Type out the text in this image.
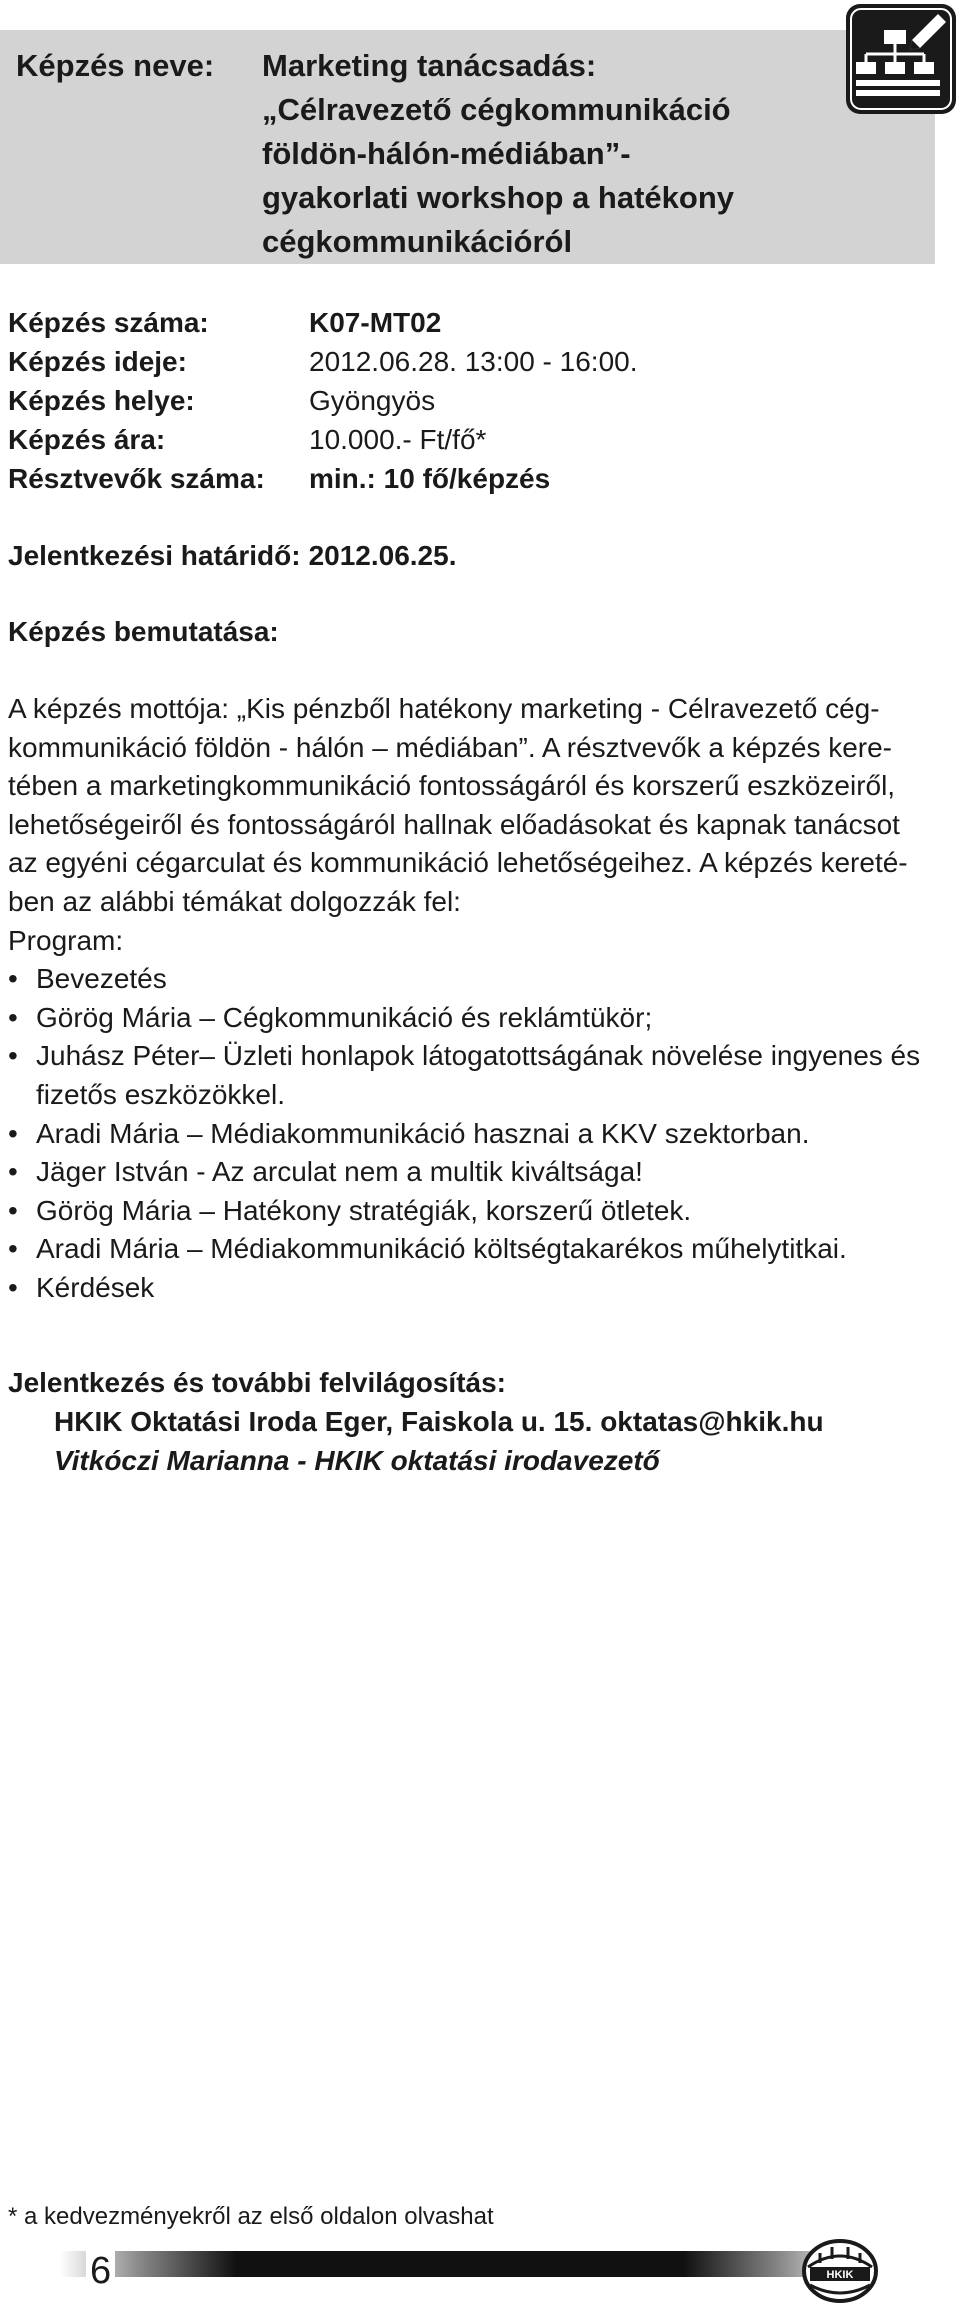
Képzés neve: Marketing tanácsadás:
„Célravezető cégkommunikáció
földön-hálón-médiában”-
gyakorlati workshop a hatékony
cégkommunikációról
Képzés száma:	K07-MT02
Képzés ideje:	2012.06.28. 13:00 - 16:00.
Képzés helye:	Gyöngyös
Képzés ára:	10.000.- Ft/fő*
Résztvevők száma: min.: 10 fő/képzés
Jelentkezési határidő: 2012.06.25.
Képzés bemutatása:
A képzés mottója: „Kis pénzből hatékony marketing - Célravezető cég-
kommunikáció földön - hálón – médiában”. A résztvevők a képzés kere-
tében a marketingkommunikáció fontosságáról és korszerű eszközeiről,
lehetőségeiről és fontosságáról hallnak előadásokat és kapnak tanácsot
az egyéni cégarculat és kommunikáció lehetőségeihez. A képzés kereté-
ben az alábbi témákat dolgozzák fel:
Program:
• Bevezetés
• Görög Mária – Cégkommunikáció és reklámtükör;
• Juhász Péter– Üzleti honlapok látogatottságának növelése ingyenes és
fizetős eszközökkel.
• Aradi Mária – Médiakommunikáció hasznai a KKV szektorban.
• Jäger István - Az arculat nem a multik kiváltsága!
• Görög Mária – Hatékony stratégiák, korszerű ötletek.
• Aradi Mária – Médiakommunikáció költségtakarékos műhelytitkai.
• Kérdések
Jelentkezés és további felvilágosítás:
HKIK Oktatási Iroda Eger, Faiskola u. 15. oktatas@hkik.hu
Vitkóczi Marianna - HKIK oktatási irodavezető
* a kedvezményekről az első oldalon olvashat
6	HKIK
